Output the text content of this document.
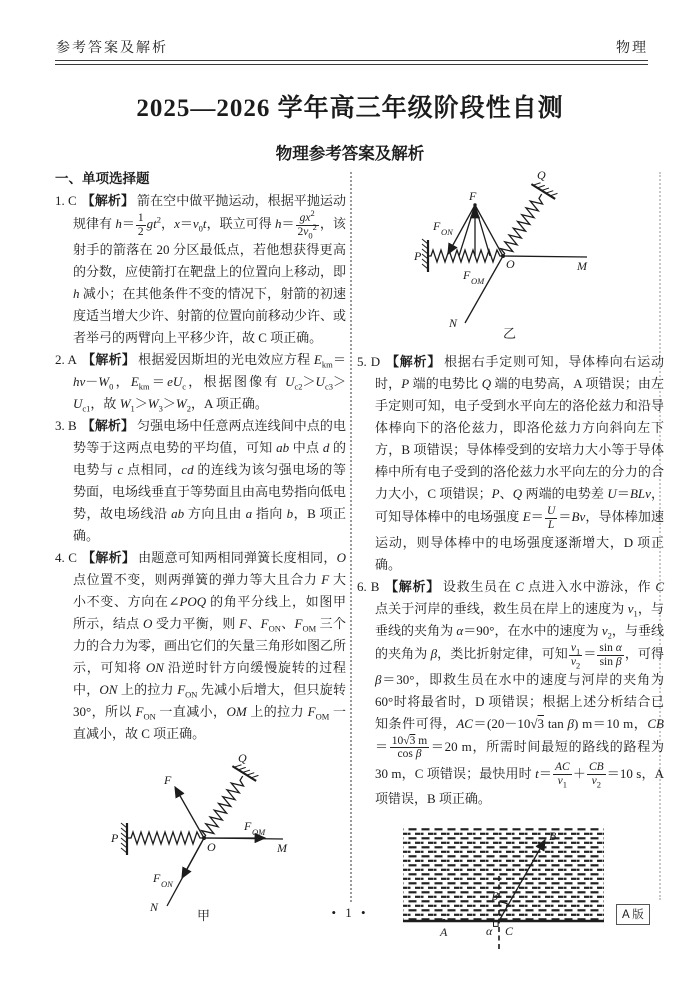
参考答案及解析	物理
2025—2026 学年高三年级阶段性自测
物理参考答案及解析
一、单项选择题

1. C 【解析】 箭在空中做平抛运动，根据平抛运动规律有 $h= \frac{1}{2} gt^2$，$x=v_0t$，联立可得 $h= \frac{gx^2}{2v_0^2}$ ，该射手的箭落在 20 分区最低点，若他想获得更高的分数，应使箭打在靶盘上的位置向上移动，即 h 减小；在其他条件不变的情况下，射箭的初速度适当增大少许、射箭的位置向前移动少许、或者举弓的两臂向上平移少许，故 C 项正确。

2. A 【解析】 根据爱因斯坦的光电效应方程 $E_{km}=h\nu-W_0$，$E_{km}=eU_c$，根据图像有 $U_{c2}>U_{c3}>U_{c1}$，故 $W_1>W_3>W_2$，A 项正确。

3. B 【解析】 匀强电场中任意两点连线间中点的电势等于这两点电势的平均值，可知 ab 中点 d 的电势与 c 点相同，cd 的连线为该匀强电场的等势面，电场线垂直于等势面且由高电势指向低电势，故电场线沿 ab 方向且由 a 指向 b，B 项正确。

4. C 【解析】 由题意可知两相同弹簧长度相同，O 点位置不变，则两弹簧的弹力等大且合力 F 大小不变、方向在∠POQ 的角平分线上，如图甲所示，结点 O 受力平衡，则 F、$F_{ON}$、$F_{OM}$ 三个力的合力为零，画出它们的矢量三角形如图乙所示，可知将 ON 沿逆时针方向缓慢旋转的过程中，ON 上的拉力 $F_{ON}$ 先减小后增大，但只旋转 30°，所以 $F_{ON}$ 一直减小，OM 上的拉力 $F_{OM}$ 一直减小，故 C 项正确。

P
Q
F
F OM
M
O
F ON
N
甲
P
Q
F
F ON
F OM
O	M
N
乙

5. D 【解析】 根据右手定则可知，导体棒向右运动时，P 端的电势比 Q 端的电势高，A 项错误；由左手定则可知，电子受到水平向左的洛伦兹力和沿导体棒向下的洛伦兹力，即洛伦兹力方向斜向左下方，B 项错误；导体棒受到的安培力大小等于导体棒中所有电子受到的洛伦兹力水平向左的分力的合力大小，C 项错误；P、Q 两端的电势差 U＝BLv，可知导体棒中的电场强度 $E= \frac{U}{L} =Bv$，导体棒加速运动，则导体棒中的电场强度逐渐增大，D 项正确。

6. B 【解析】 设救生员在 C 点进入水中游泳，作 C 点关于河岸的垂线，救生员在岸上的速度为 $v_1$，与垂线的夹角为 α＝90°，在水中的速度为 $v_2$，与垂线的夹角为 β，类比折射定律，可知 $\frac{v_1}{v_2} = \frac{\text{sin α}}{\text{sin β}}$ ，可得 β＝30°，即救生员在水中的速度与河岸的夹角为 60°时将最省时，D 项错误；根据上述分析结合已知条件可得，AC＝(20－10√3 tan β) m＝10 m，$CB= \frac{10√3 m}{\text{cos β}} =20$ m，所需时间最短的路线的路程为 30 m，C 项错误；最快用时 $t= \frac{AC}{v_1} + \frac{CB}{v_2} =10$ s，A 项错误，B 项正确。

A	C
B
α
β
• 1 •	A 版
